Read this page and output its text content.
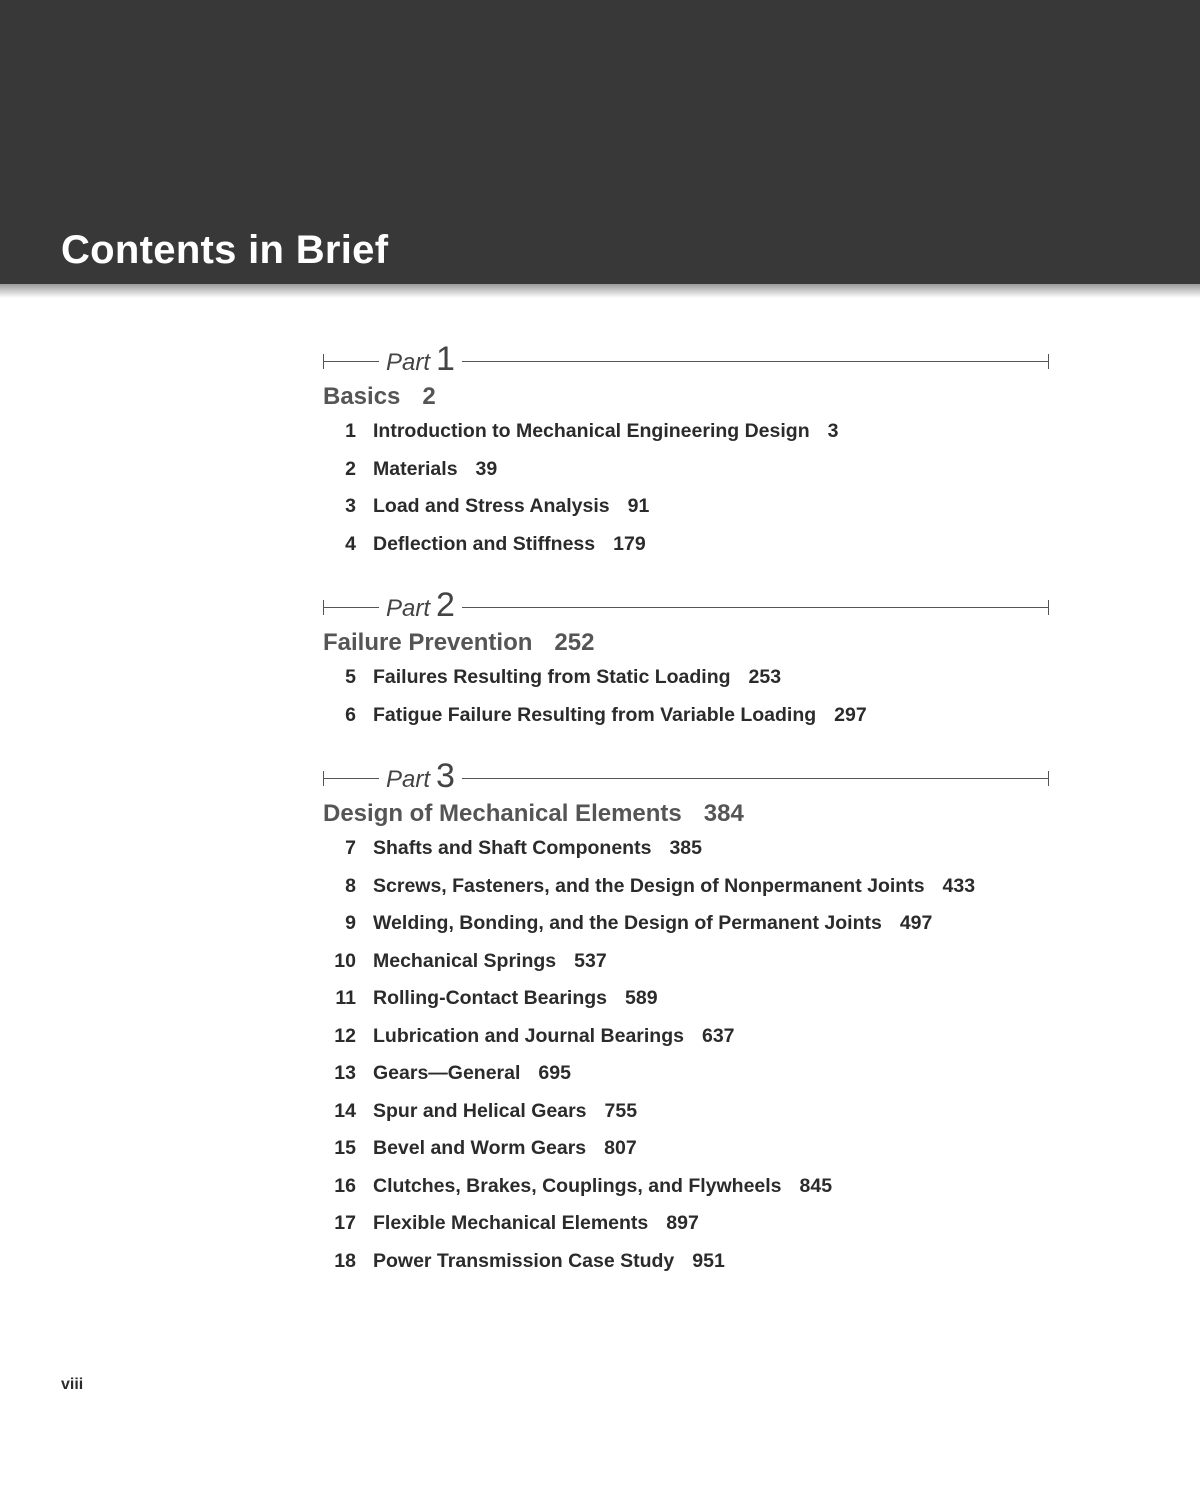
Contents in Brief
Part 1
Basics 2
1 Introduction to Mechanical Engineering Design 3
2 Materials 39
3 Load and Stress Analysis 91
4 Deflection and Stiffness 179
Part 2
Failure Prevention 252
5 Failures Resulting from Static Loading 253
6 Fatigue Failure Resulting from Variable Loading 297
Part 3
Design of Mechanical Elements 384
7 Shafts and Shaft Components 385
8 Screws, Fasteners, and the Design of Nonpermanent Joints 433
9 Welding, Bonding, and the Design of Permanent Joints 497
10 Mechanical Springs 537
11 Rolling-Contact Bearings 589
12 Lubrication and Journal Bearings 637
13 Gears—General 695
14 Spur and Helical Gears 755
15 Bevel and Worm Gears 807
16 Clutches, Brakes, Couplings, and Flywheels 845
17 Flexible Mechanical Elements 897
18 Power Transmission Case Study 951
viii
